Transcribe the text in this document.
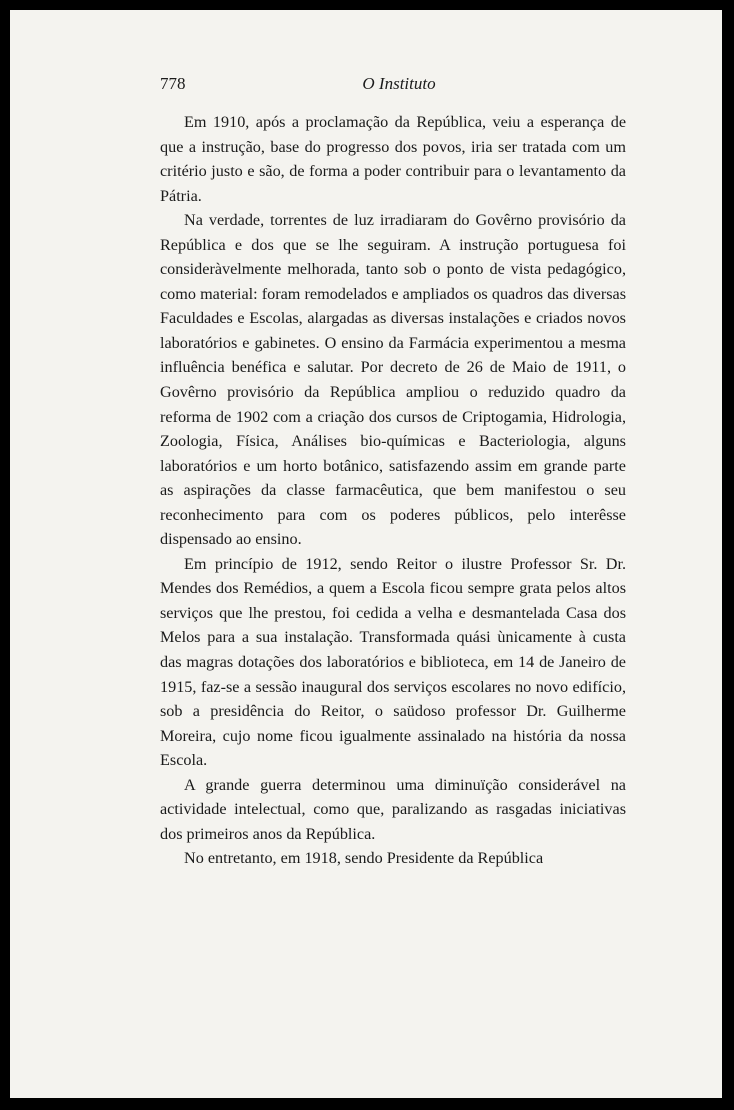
778	O Instituto

Em 1910, após a proclamação da República, veiu a esperança de que a instrução, base do progresso dos povos, iria ser tratada com um critério justo e são, de forma a poder contribuir para o levantamento da Pátria.

Na verdade, torrentes de luz irradiaram do Govêrno provisório da República e dos que se lhe seguiram. A instrução portuguesa foi consideràvelmente melhorada, tanto sob o ponto de vista pedagógico, como material: foram remodelados e ampliados os quadros das diversas Faculdades e Escolas, alargadas as diversas instalações e criados novos laboratórios e gabinetes. O ensino da Farmácia experimentou a mesma influência benéfica e salutar. Por decreto de 26 de Maio de 1911, o Govêrno provisório da República ampliou o reduzido quadro da reforma de 1902 com a criação dos cursos de Criptogamia, Hidrologia, Zoologia, Física, Análises bio-químicas e Bacteriologia, alguns laboratórios e um horto botânico, satisfazendo assim em grande parte as aspirações da classe farmacêutica, que bem manifestou o seu reconhecimento para com os poderes públicos, pelo interêsse dispensado ao ensino.

Em princípio de 1912, sendo Reitor o ilustre Professor Sr. Dr. Mendes dos Remédios, a quem a Escola ficou sempre grata pelos altos serviços que lhe prestou, foi cedida a velha e desmantelada Casa dos Melos para a sua instalação. Transformada quási ùnicamente à custa das magras dotações dos laboratórios e biblioteca, em 14 de Janeiro de 1915, faz-se a sessão inaugural dos serviços escolares no novo edifício, sob a presidência do Reitor, o saüdoso professor Dr. Guilherme Moreira, cujo nome ficou igualmente assinalado na história da nossa Escola.

A grande guerra determinou uma diminuïção considerável na actividade intelectual, como que, paralizando as rasgadas iniciativas dos primeiros anos da República.

No entretanto, em 1918, sendo Presidente da República
